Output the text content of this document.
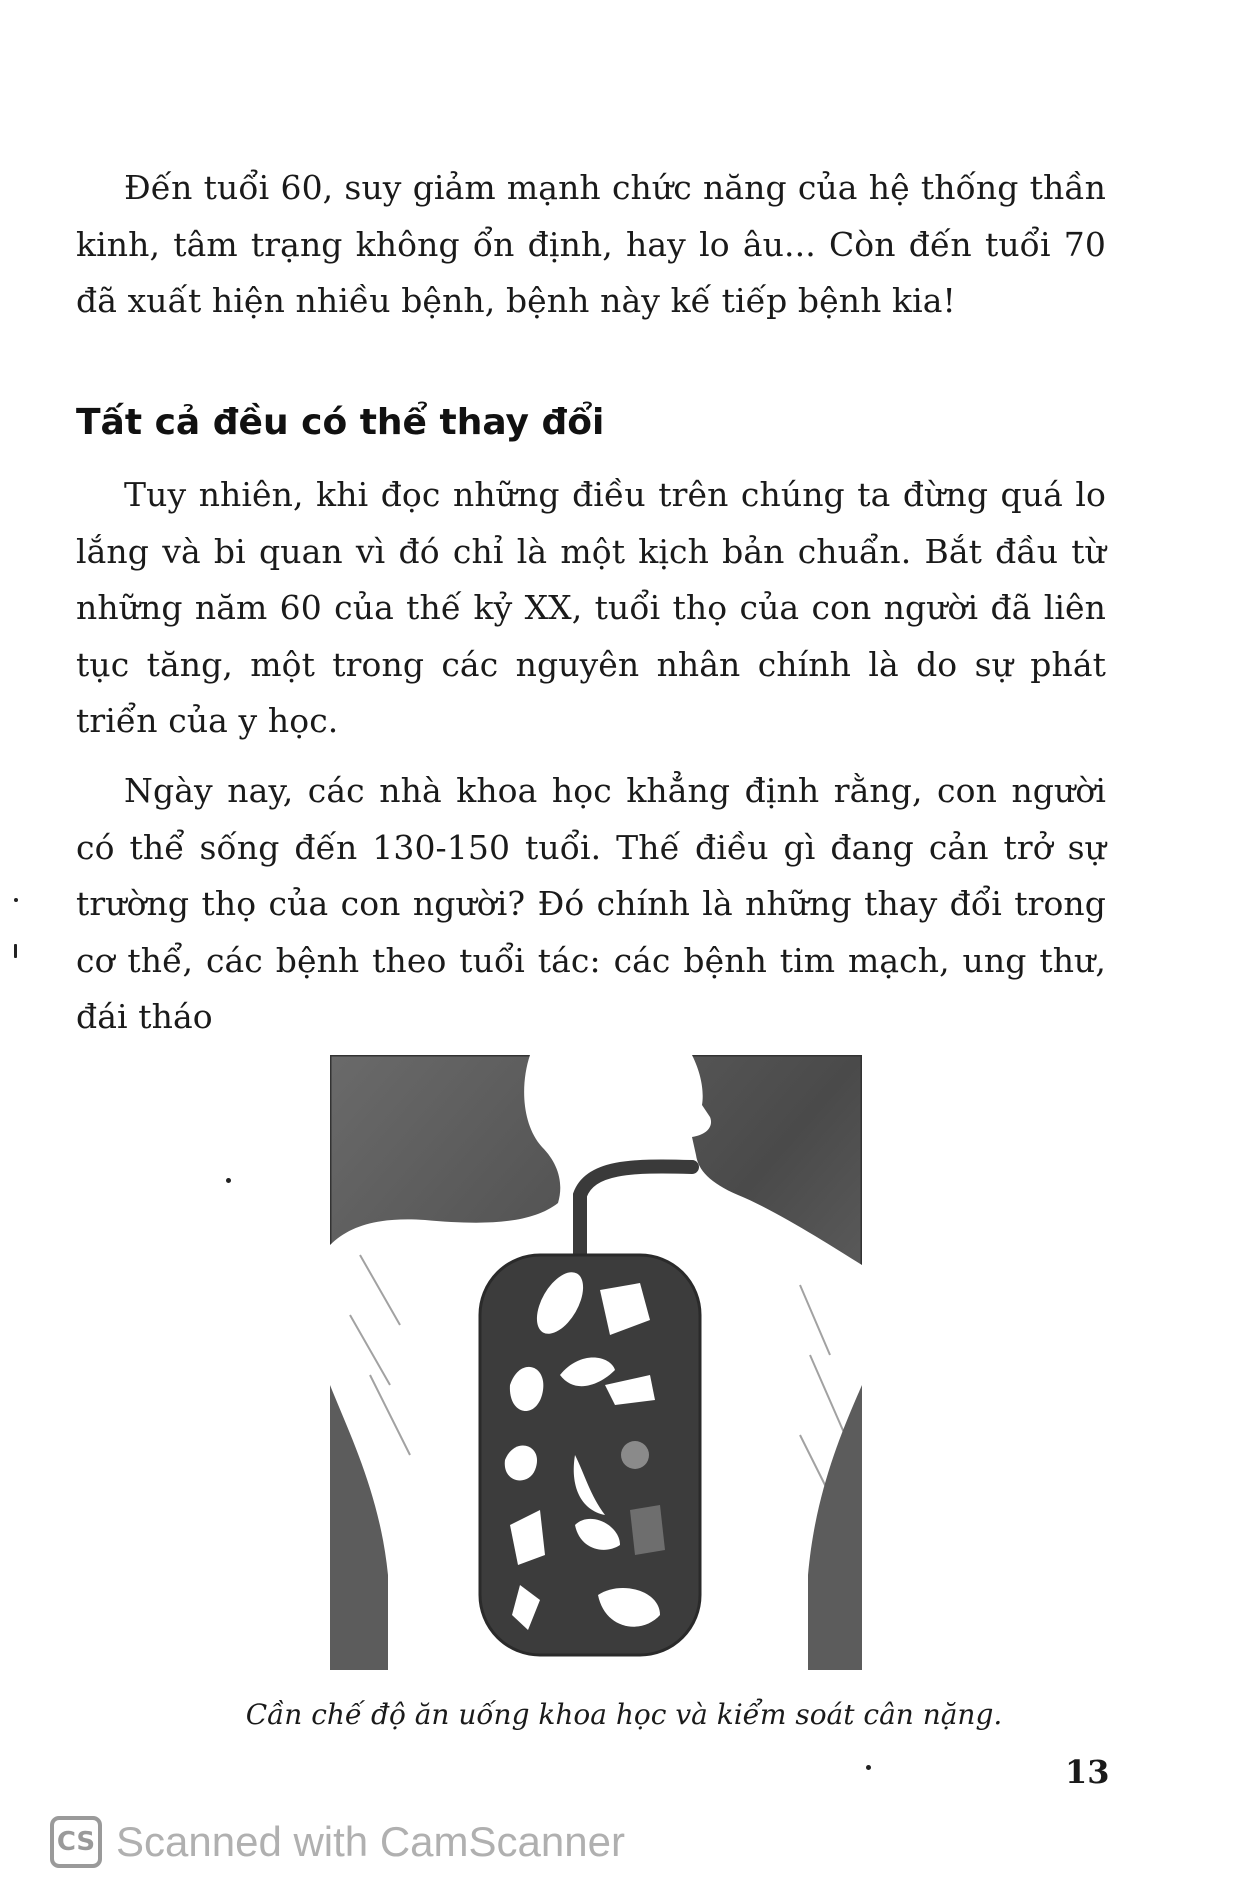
Đến tuổi 60, suy giảm mạnh chức năng của hệ thống thần kinh, tâm trạng không ổn định, hay lo âu... Còn đến tuổi 70 đã xuất hiện nhiều bệnh, bệnh này kế tiếp bệnh kia!

Tất cả đều có thể thay đổi

Tuy nhiên, khi đọc những điều trên chúng ta đừng quá lo lắng và bi quan vì đó chỉ là một kịch bản chuẩn. Bắt đầu từ những năm 60 của thế kỷ XX, tuổi thọ của con người đã liên tục tăng, một trong các nguyên nhân chính là do sự phát triển của y học.

Ngày nay, các nhà khoa học khẳng định rằng, con người có thể sống đến 130-150 tuổi. Thế điều gì đang cản trở sự trường thọ của con người? Đó chính là những thay đổi trong cơ thể, các bệnh theo tuổi tác: các bệnh tim mạch, ung thư, đái tháo

Cần chế độ ăn uống khoa học và kiểm soát cân nặng.

13

CS Scanned with CamScanner
